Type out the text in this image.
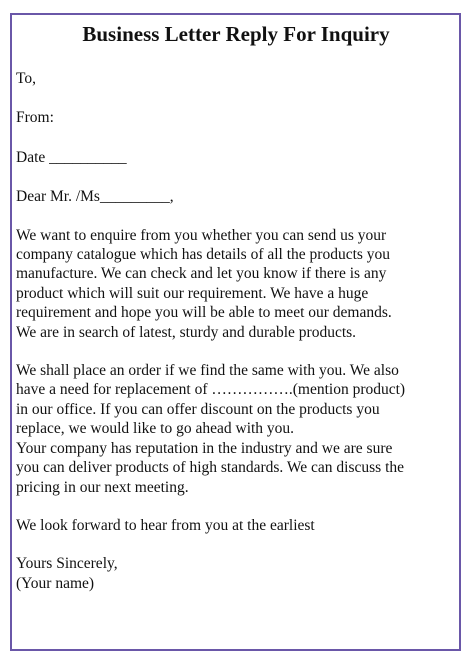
Business Letter Reply For Inquiry

To,

From:

Date __________

Dear Mr. /Ms_________,

We want to enquire from you whether you can send us your

company catalogue which has details of all the products you

manufacture. We can check and let you know if there is any

product which will suit our requirement. We have a huge

requirement and hope you will be able to meet our demands.

We are in search of latest, sturdy and durable products.

We shall place an order if we find the same with you. We also

have a need for replacement of …………….(mention product)

in our office. If you can offer discount on the products you

replace, we would like to go ahead with you.

Your company has reputation in the industry and we are sure

you can deliver products of high standards. We can discuss the

pricing in our next meeting.

We look forward to hear from you at the earliest

Yours Sincerely,

(Your name)
